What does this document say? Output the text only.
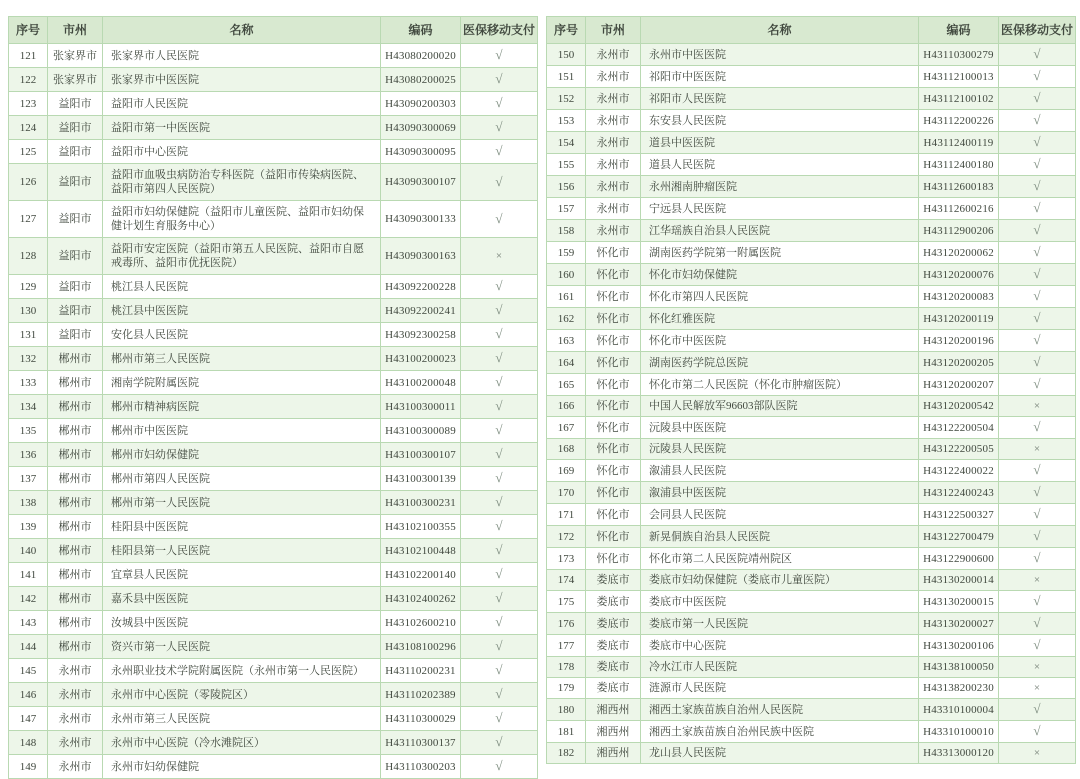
序号	市州	名称	编码	医保移动支付
121	张家界市	张家界市人民医院	H43080200020	√
122	张家界市	张家界市中医医院	H43080200025	√
123	益阳市	益阳市人民医院	H43090200303	√
124	益阳市	益阳市第一中医医院	H43090300069	√
125	益阳市	益阳市中心医院	H43090300095	√
126	益阳市	益阳市血吸虫病防治专科医院（益阳市传染病医院、益阳市第四人民医院）	H43090300107	√
127	益阳市	益阳市妇幼保健院（益阳市儿童医院、益阳市妇幼保健计划生育服务中心）	H43090300133	√
128	益阳市	益阳市安定医院（益阳市第五人民医院、益阳市自愿戒毒所、益阳市优抚医院）	H43090300163	×
129	益阳市	桃江县人民医院	H43092200228	√
130	益阳市	桃江县中医医院	H43092200241	√
131	益阳市	安化县人民医院	H43092300258	√
132	郴州市	郴州市第三人民医院	H43100200023	√
133	郴州市	湘南学院附属医院	H43100200048	√
134	郴州市	郴州市精神病医院	H43100300011	√
135	郴州市	郴州市中医医院	H43100300089	√
136	郴州市	郴州市妇幼保健院	H43100300107	√
137	郴州市	郴州市第四人民医院	H43100300139	√
138	郴州市	郴州市第一人民医院	H43100300231	√
139	郴州市	桂阳县中医医院	H43102100355	√
140	郴州市	桂阳县第一人民医院	H43102100448	√
141	郴州市	宜章县人民医院	H43102200140	√
142	郴州市	嘉禾县中医医院	H43102400262	√
143	郴州市	汝城县中医医院	H43102600210	√
144	郴州市	资兴市第一人民医院	H43108100296	√
145	永州市	永州职业技术学院附属医院（永州市第一人民医院）	H43110200231	√
146	永州市	永州市中心医院（零陵院区）	H43110202389	√
147	永州市	永州市第三人民医院	H43110300029	√
148	永州市	永州市中心医院（冷水滩院区）	H43110300137	√
149	永州市	永州市妇幼保健院	H43110300203	√
序号	市州	名称	编码	医保移动支付
150	永州市	永州市中医医院	H43110300279	√
151	永州市	祁阳市中医医院	H43112100013	√
152	永州市	祁阳市人民医院	H43112100102	√
153	永州市	东安县人民医院	H43112200226	√
154	永州市	道县中医医院	H43112400119	√
155	永州市	道县人民医院	H43112400180	√
156	永州市	永州湘南肿瘤医院	H43112600183	√
157	永州市	宁远县人民医院	H43112600216	√
158	永州市	江华瑶族自治县人民医院	H43112900206	√
159	怀化市	湖南医药学院第一附属医院	H43120200062	√
160	怀化市	怀化市妇幼保健院	H43120200076	√
161	怀化市	怀化市第四人民医院	H43120200083	√
162	怀化市	怀化红雅医院	H43120200119	√
163	怀化市	怀化市中医医院	H43120200196	√
164	怀化市	湖南医药学院总医院	H43120200205	√
165	怀化市	怀化市第二人民医院（怀化市肿瘤医院）	H43120200207	√
166	怀化市	中国人民解放军96603部队医院	H43120200542	×
167	怀化市	沅陵县中医医院	H43122200504	√
168	怀化市	沅陵县人民医院	H43122200505	×
169	怀化市	溆浦县人民医院	H43122400022	√
170	怀化市	溆浦县中医医院	H43122400243	√
171	怀化市	会同县人民医院	H43122500327	√
172	怀化市	新晃侗族自治县人民医院	H43122700479	√
173	怀化市	怀化市第二人民医院靖州院区	H43122900600	√
174	娄底市	娄底市妇幼保健院（娄底市儿童医院）	H43130200014	×
175	娄底市	娄底市中医医院	H43130200015	√
176	娄底市	娄底市第一人民医院	H43130200027	√
177	娄底市	娄底市中心医院	H43130200106	√
178	娄底市	冷水江市人民医院	H43138100050	×
179	娄底市	涟源市人民医院	H43138200230	×
180	湘西州	湘西土家族苗族自治州人民医院	H43310100004	√
181	湘西州	湘西土家族苗族自治州民族中医院	H43310100010	√
182	湘西州	龙山县人民医院	H43313000120	×
